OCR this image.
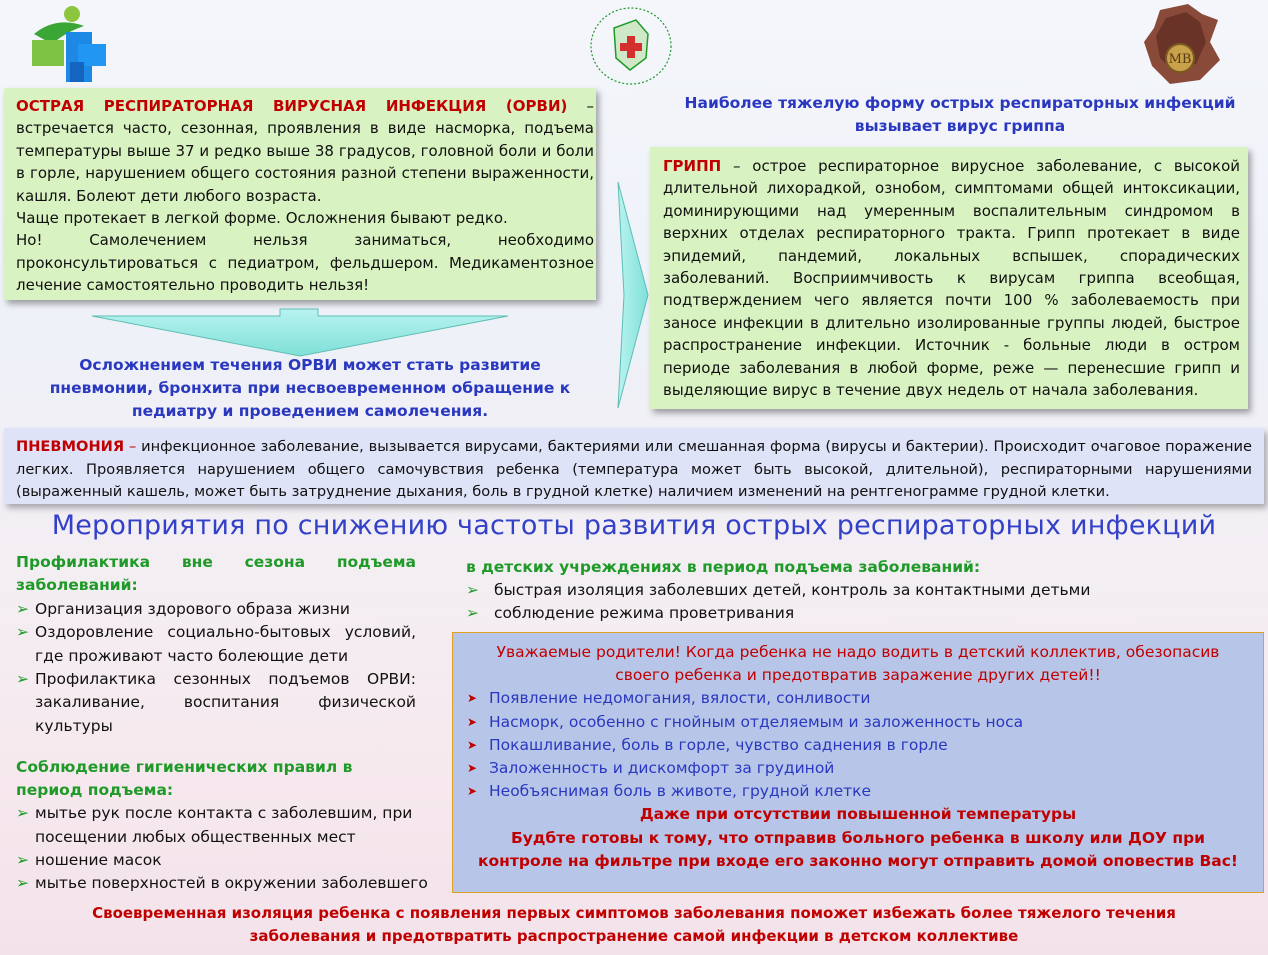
МВ
ОСТРАЯ РЕСПИРАТОРНАЯ ВИРУСНАЯ ИНФЕКЦИЯ (ОРВИ) – встречается часто, сезонная, проявления в виде насморка, подъема температуры выше 37 и редко выше 38 градусов, головной боли и боли в горле, нарушением общего состояния разной степени выраженности, кашля. Болеют дети любого возраста.
Чаще протекает в легкой форме. Осложнения бывают редко.
Но! Самолечением нельзя заниматься, необходимо проконсультироваться с педиатром, фельдшером. Медикаментозное лечение самостоятельно проводить нельзя!
Осложнением течения ОРВИ может стать развитие пневмонии, бронхита при несвоевременном обращение к педиатру и проведением самолечения.
Наиболее тяжелую форму острых респираторных инфекций вызывает вирус гриппа
ГРИПП – острое респираторное вирусное заболевание, с высокой длительной лихорадкой, ознобом, симптомами общей интоксикации, доминирующими над умеренным воспалительным синдромом в верхних отделах респираторного тракта. Грипп протекает в виде эпидемий, пандемий, локальных вспышек, спорадических заболеваний. Восприимчивость к вирусам гриппа всеобщая, подтверждением чего является почти 100 % заболеваемость при заносе инфекции в длительно изолированные группы людей, быстрое распространение инфекции. Источник - больные люди в остром периоде заболевания в любой форме, реже — перенесшие грипп и выделяющие вирус в течение двух недель от начала заболевания.
ПНЕВМОНИЯ – инфекционное заболевание, вызывается вирусами, бактериями или смешанная форма (вирусы и бактерии). Происходит очаговое поражение легких. Проявляется нарушением общего самочувствия ребенка (температура может быть высокой, длительной), респираторными нарушениями (выраженный кашель, может быть затруднение дыхания, боль в грудной клетке) наличием изменений на рентгенограмме грудной клетки.
Мероприятия по снижению частоты развития острых респираторных инфекций
Профилактика вне сезона подъема заболеваний:
➢ Организация здорового образа жизни
➢ Оздоровление социально-бытовых условий, где проживают часто болеющие дети
➢ Профилактика сезонных подъемов ОРВИ: закаливание, воспитания физической культуры
Соблюдение гигиенических правил в период подъема:
➢ мытье рук после контакта с заболевшим, при посещении любых общественных мест
➢ ношение масок
➢ мытье поверхностей в окружении заболевшего
в детских учреждениях в период подъема заболеваний:
➢ быстрая изоляция заболевших детей, контроль за контактными детьми
➢ соблюдение режима проветривания
Уважаемые родители! Когда ребенка не надо водить в детский коллектив, обезопасив своего ребенка и предотвратив заражение других детей!!
➤ Появление недомогания, вялости, сонливости
➤ Насморк, особенно с гнойным отделяемым и заложенность носа
➤ Покашливание, боль в горле, чувство саднения в горле
➤ Заложенность и дискомфорт за грудиной
➤ Необъяснимая боль в животе, грудной клетке
Даже при отсутствии повышенной температуры
Будбте готовы к тому, что отправив больного ребенка в школу или ДОУ при контроле на фильтре при входе его законно могут отправить домой оповестив Вас!
Своевременная изоляция ребенка с появления первых симптомов заболевания поможет избежать более тяжелого течения заболевания и предотвратить распространение самой инфекции в детском коллективе
